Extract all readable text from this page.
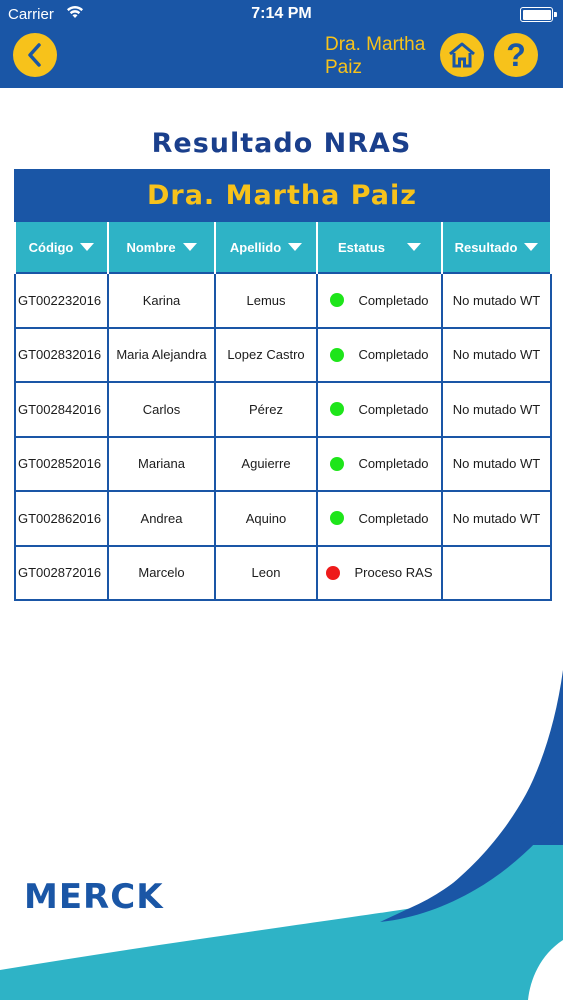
Carrier	7:14 PM
Dra. Martha Paiz	?
Resultado NRAS
Dra. Martha Paiz
Código	Nombre	Apellido	Estatus	Resultado

GT002232016	Karina	Lemus	Completado	No mutado WT
GT002832016	Maria Alejandra	Lopez Castro	Completado	No mutado WT
GT002842016	Carlos	Pérez	Completado	No mutado WT
GT002852016	Mariana	Aguierre	Completado	No mutado WT
GT002862016	Andrea	Aquino	Completado	No mutado WT
GT002872016	Marcelo	Leon	Proceso RAS	

MERCK
